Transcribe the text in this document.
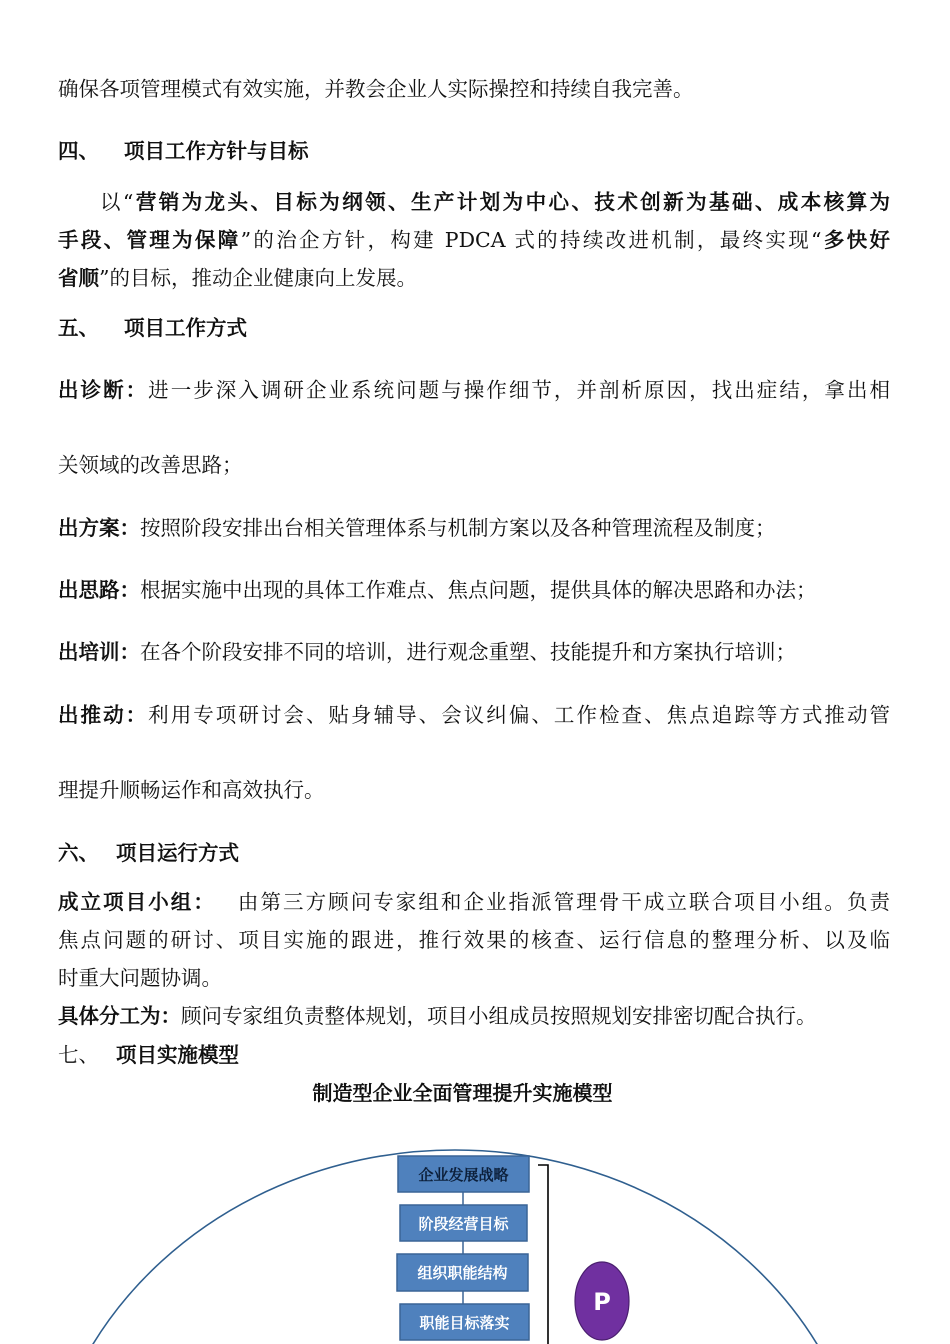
确保各项管理模式有效实施，并教会企业人实际操控和持续自我完善。
四、 项目工作方针与目标
以“营销为龙头、目标为纲领、生产计划为中心、技术创新为基础、成本核算为
手段、管理为保障”的治企方针，构建 PDCA 式的持续改进机制，最终实现“多快好
省顺”的目标，推动企业健康向上发展。
五、 项目工作方式
出诊断：进一步深入调研企业系统问题与操作细节，并剖析原因，找出症结，拿出相
关领域的改善思路；
出方案：按照阶段安排出台相关管理体系与机制方案以及各种管理流程及制度；
出思路：根据实施中出现的具体工作难点、焦点问题，提供具体的解决思路和办法；
出培训：在各个阶段安排不同的培训，进行观念重塑、技能提升和方案执行培训；
出推动：利用专项研讨会、贴身辅导、会议纠偏、工作检查、焦点追踪等方式推动管
理提升顺畅运作和高效执行。
六、 项目运行方式
成立项目小组： 由第三方顾问专家组和企业指派管理骨干成立联合项目小组。负责
焦点问题的研讨、项目实施的跟进，推行效果的核查、运行信息的整理分析、以及临
时重大问题协调。
具体分工为：顾问专家组负责整体规划，项目小组成员按照规划安排密切配合执行。
七、 项目实施模型
制造型企业全面管理提升实施模型
企业发展战略
阶段经营目标
组织职能结构
职能目标落实
P
